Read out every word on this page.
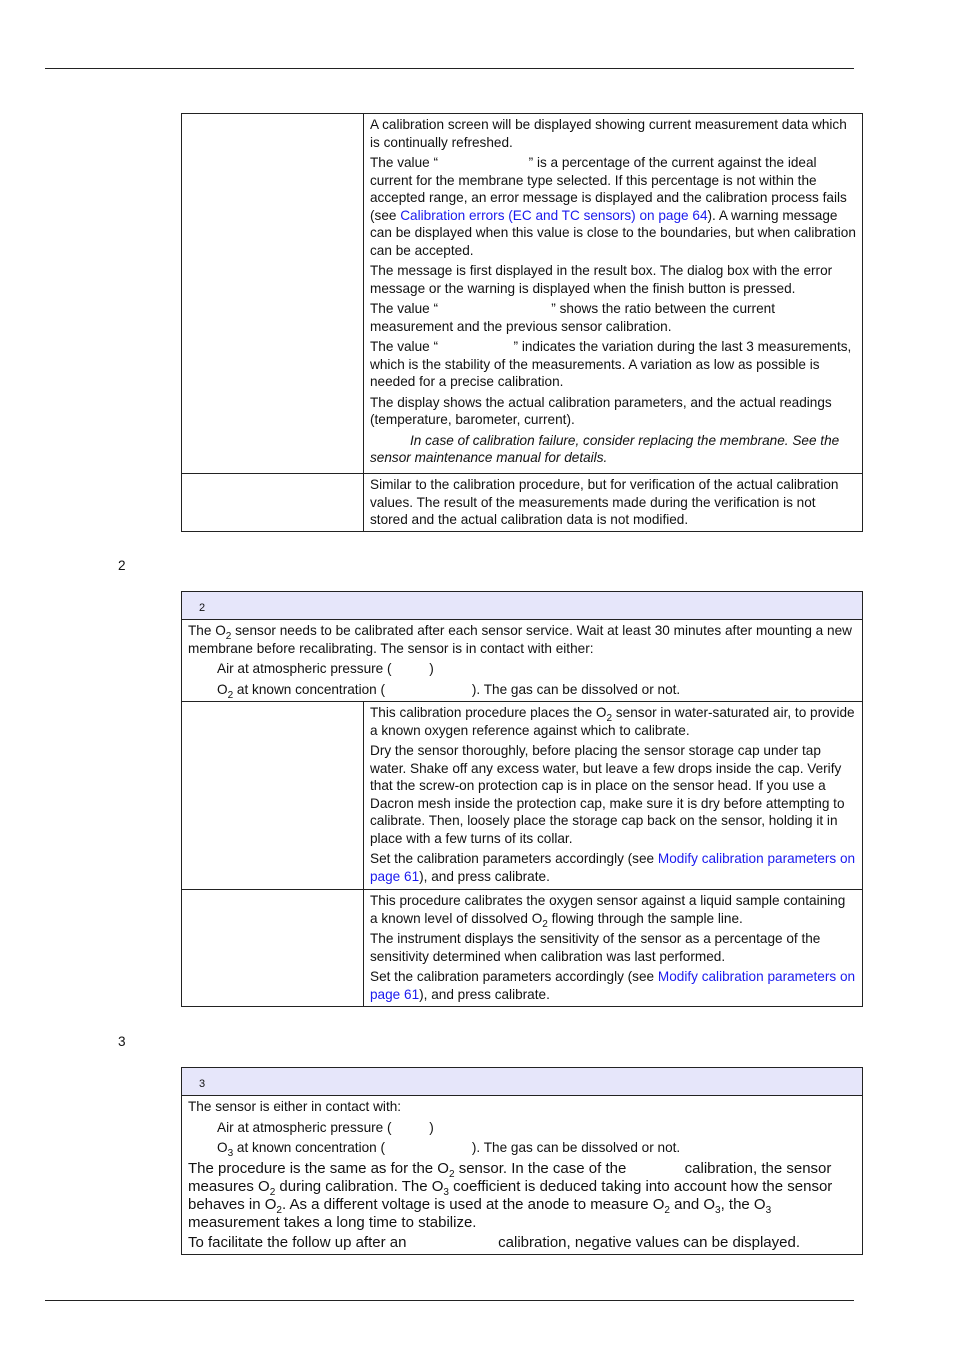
A calibration screen will be displayed showing current measurement data which is continually refreshed.

The value “                        ” is a percentage of the current against the ideal current for the membrane type selected. If this percentage is not within the accepted range, an error message is displayed and the calibration process fails (see Calibration errors (EC and TC sensors) on page 64). A warning message can be displayed when this value is close to the boundaries, but when calibration can be accepted.

The message is first displayed in the result box. The dialog box with the error message or the warning is displayed when the finish button is pressed.

The value “                              ” shows the ratio between the current measurement and the previous sensor calibration.

The value “                    ” indicates the variation during the last 3 measurements, which is the stability of the measurements. A variation as low as possible is needed for a precise calibration.

The display shows the actual calibration parameters, and the actual readings (temperature, barometer, current).

In case of calibration failure, consider replacing the membrane. See the sensor maintenance manual for details.

Similar to the calibration procedure, but for verification of the actual calibration values. The result of the measurements made during the verification is not stored and the actual calibration data is not modified.

2
2

The $O_2$ sensor needs to be calibrated after each sensor service. Wait at least 30 minutes after mounting a new membrane before recalibrating. The sensor is in contact with either:

Air at atmospheric pressure (          )

$O_2$ at known concentration (                       ). The gas can be dissolved or not.

This calibration procedure places the $O_2$ sensor in water-saturated air, to provide a known oxygen reference against which to calibrate.

Dry the sensor thoroughly, before placing the sensor storage cap under tap water. Shake off any excess water, but leave a few drops inside the cap. Verify that the screw-on protection cap is in place on the sensor head. If you use a Dacron mesh inside the protection cap, make sure it is dry before attempting to calibrate. Then, loosely place the storage cap back on the sensor, holding it in place with a few turns of its collar.

Set the calibration parameters accordingly (see Modify calibration parameters on page 61), and press calibrate.

This procedure calibrates the oxygen sensor against a liquid sample containing a known level of dissolved $O_2$ flowing through the sample line.

The instrument displays the sensitivity of the sensor as a percentage of the sensitivity determined when calibration was last performed.

Set the calibration parameters accordingly (see Modify calibration parameters on page 61), and press calibrate.

3
3

The sensor is either in contact with:

Air at atmospheric pressure (          )

$O_3$ at known concentration (                       ). The gas can be dissolved or not.

The procedure is the same as for the $O_2$ sensor. In the case of the              calibration, the sensor measures $O_2$ during calibration. The $O_3$ coefficient is deduced taking into account how the sensor behaves in $O_2$. As a different voltage is used at the anode to measure $O_2$ and $O_3$, the $O_3$ measurement takes a long time to stabilize.

To facilitate the follow up after an                      calibration, negative values can be displayed.
